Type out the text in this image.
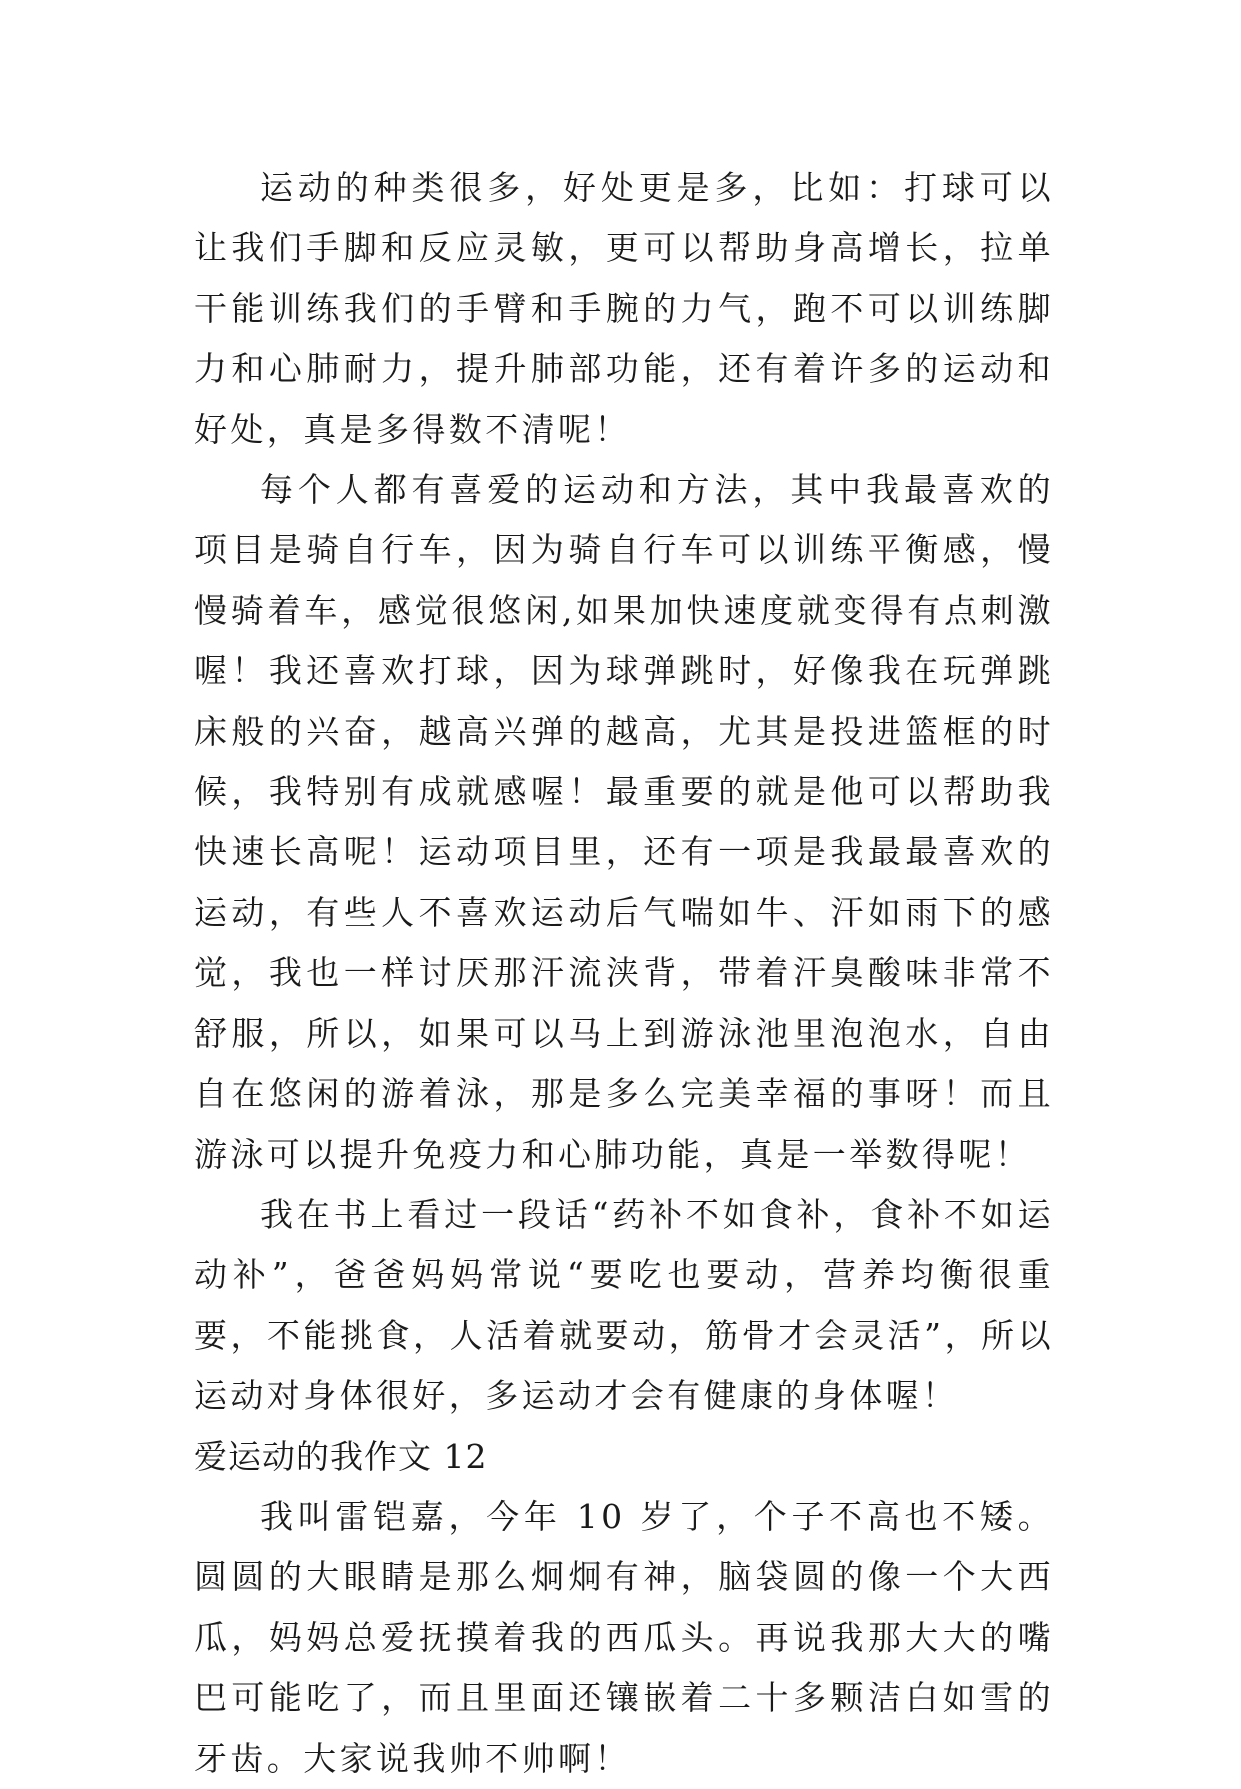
运动的种类很多，好处更是多，比如：打球可以让我们手脚和反应灵敏，更可以帮助身高增长，拉单干能训练我们的手臂和手腕的力气，跑不可以训练脚力和心肺耐力，提升肺部功能，还有着许多的运动和好处，真是多得数不清呢！

每个人都有喜爱的运动和方法，其中我最喜欢的项目是骑自行车，因为骑自行车可以训练平衡感，慢慢骑着车，感觉很悠闲,如果加快速度就变得有点刺激喔！我还喜欢打球，因为球弹跳时，好像我在玩弹跳床般的兴奋，越高兴弹的越高，尤其是投进篮框的时候，我特别有成就感喔！最重要的就是他可以帮助我快速长高呢！运动项目里，还有一项是我最最喜欢的运动，有些人不喜欢运动后气喘如牛、汗如雨下的感觉，我也一样讨厌那汗流浃背，带着汗臭酸味非常不舒服，所以，如果可以马上到游泳池里泡泡水，自由自在悠闲的游着泳，那是多么完美幸福的事呀！而且游泳可以提升免疫力和心肺功能，真是一举数得呢！

我在书上看过一段话“药补不如食补，食补不如运动补”，爸爸妈妈常说“要吃也要动，营养均衡很重要，不能挑食，人活着就要动，筋骨才会灵活”，所以运动对身体很好，多运动才会有健康的身体喔！

爱运动的我作文 12

我叫雷铠嘉，今年 10 岁了，个子不高也不矮。圆圆的大眼睛是那么炯炯有神，脑袋圆的像一个大西瓜，妈妈总爱抚摸着我的西瓜头。再说我那大大的嘴巴可能吃了，而且里面还镶嵌着二十多颗洁白如雪的牙齿。大家说我帅不帅啊！
